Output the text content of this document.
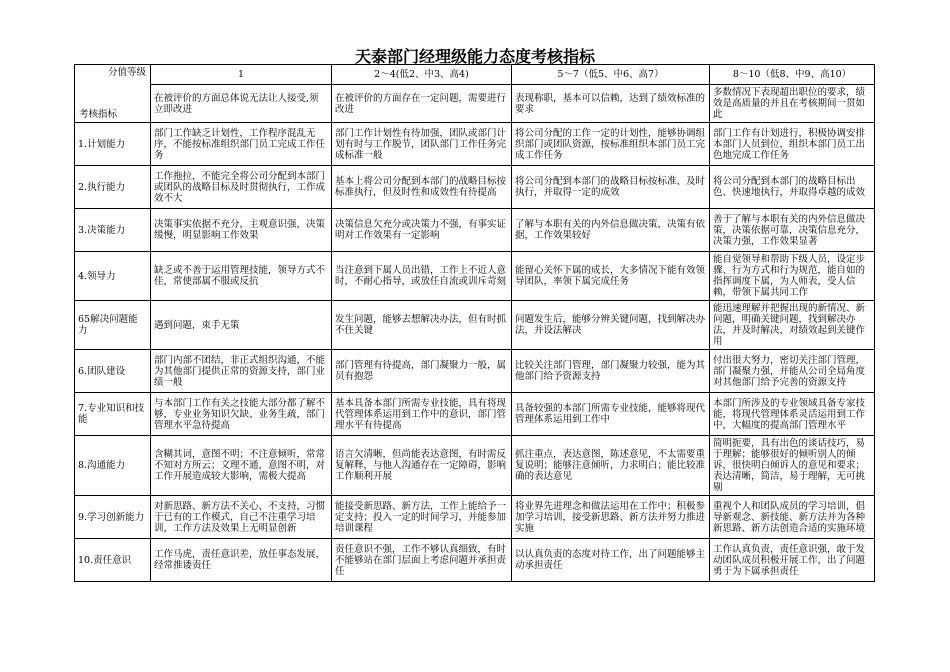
天泰部门经理级能力态度考核指标
分值等级
考核指标	1	2～4(低2、中3、高4)	5～7（低5、中6、高7）	8～10（低8、中9、高10）
	在被评价的方面总体说无法让人接受,须立即改进	在被评价的方面存在一定问题，需要进行改进	表现称职，基本可以信赖，达到了绩效标准的要求	多数情况下表现超出职位的要求，绩效是高质量的并且在考核期间一贯如此
1.计划能力	部门工作缺乏计划性，工作程序混乱无序，不能按标准组织部门员工完成工作任务	部门工作计划性有待加强，团队或部门计划有时与工作脱节，团队部门工作任务完成标准一般	将公司分配的工作一定的计划性，能够协调组织部门或团队资源，按标准组织本部门员工完成工作任务	部门工作有计划进行，积极协调安排本部门人员到位，组织本部门员工出色地完成工作任务
2.执行能力	工作拖拉，不能完全将公司分配到本部门或团队的战略目标及时贯彻执行，工作成效不大	基本上将公司分配到本部门的战略目标按标准执行，但及时性和成效性有待提高	将公司分配到本部门的战略目标按标准、及时执行，并取得一定的成效	将公司分配到本部门的战略目标出色、快速地执行，并取得卓越的成效
3.决策能力	决策事实依据不充分，主观意识强，决策缓慢，明显影响工作效果	决策信息欠充分或决策力不强，有事实证明对工作效果有一定影响	了解与本职有关的内外信息做决策，决策有依据，工作效果较好	善于了解与本职有关的内外信息做决策，决策依据可靠，决策信息充分，决策力强，工作效果显著
4.领导力	缺乏或不善于运用管理技能，领导方式不佳，常使部属不服或反抗	当注意到下属人员出错，工作上不近人意时，不耐心指导，或放任自流或训斥苛刻	能留心关怀下属的成长，大多情况下能有效领导团队，率领下属完成任务	能自觉领导和帮助下级人员，设定步骤、行为方式和行为规范，能自如的指挥调度下属，为人师表，受人信赖，带领下属共同工作
65解决问题能力	遇到问题，束手无策	发生问题，能够去想解决办法，但有时抓不住关键	问题发生后，能够分辨关键问题，找到解决办法，并设法解决	能迅速理解并把握出现的新情况、新问题，明确关键问题，找到解决办法，并及时解决，对绩效起到关键作用
6.团队建设	部门内部不团结，非正式组织沟通，不能为其他部门提供正常的资源支持，部门业绩一般	部门管理有待提高，部门凝聚力一般，属员有抱怨	比较关注部门管理，部门凝聚力较强，能为其他部门给予资源支持	付出很大努力，密切关注部门管理，部门凝聚力强，并能从公司全局角度对其他部门给予完善的资源支持
7.专业知识和技能	与本部门工作有关之技能大部分都了解不够，专业业务知识欠缺、业务生疏，部门管理水平急待提高	基本具备本部门所需专业技能，具有将现代管理体系运用到工作中的意识，部门管理水平有待提高	具备较强的本部门所需专业技能，能够将现代管理体系运用到工作中	本部门所涉及的专业领域具备专家技能，将现代管理体系灵活运用到工作中，大幅度的提高部门管理水平
8.沟通能力	含糊其词，意图不明；不注意倾听，常常不知对方所云；文理不通，意图不明，对工作开展造成较大影响，需极大提高	语言欠清晰，但尚能表达意图，有时需反复解释，与他人沟通存在一定障碍，影响工作顺利开展	抓注重点，表达意图，陈述意见，不太需要重复说明；能够注意倾听，力求明白；能比较准确的表达意见	简明扼要，具有出色的谈话技巧，易于理解；能够很好的倾听别人的倾诉，很快明白倾诉人的意见和要求；表达清晰，简洁，易于理解，无可挑剔
9.学习创新能力	对新思路、新方法不关心、不支持，习惯于已有的工作模式，自己不注重学习培训，工作方法及效果上无明显创新	能接受新思路、新方法，工作上能给予一定支持；投入一定的时间学习，并能参加培训课程	将业界先进理念和做法运用在工作中；积极参加学习培训，接受新思路、新方法并努力推进实施	重视个人和团队成员的学习培训，倡导新观念、新技能、新方法并为各种新思路、新方法创造合适的实施环境
10.责任意识	工作马虎，责任意识差，放任事态发展，经常推诿责任	责任意识不强，工作不够认真细致，有时不能够站在部门层面上考虑问题并承担责任	以认真负责的态度对待工作，出了问题能够主动承担责任	工作认真负责，责任意识强，敢于发动团队成员积极开展工作，出了问题勇于为下属承担责任
